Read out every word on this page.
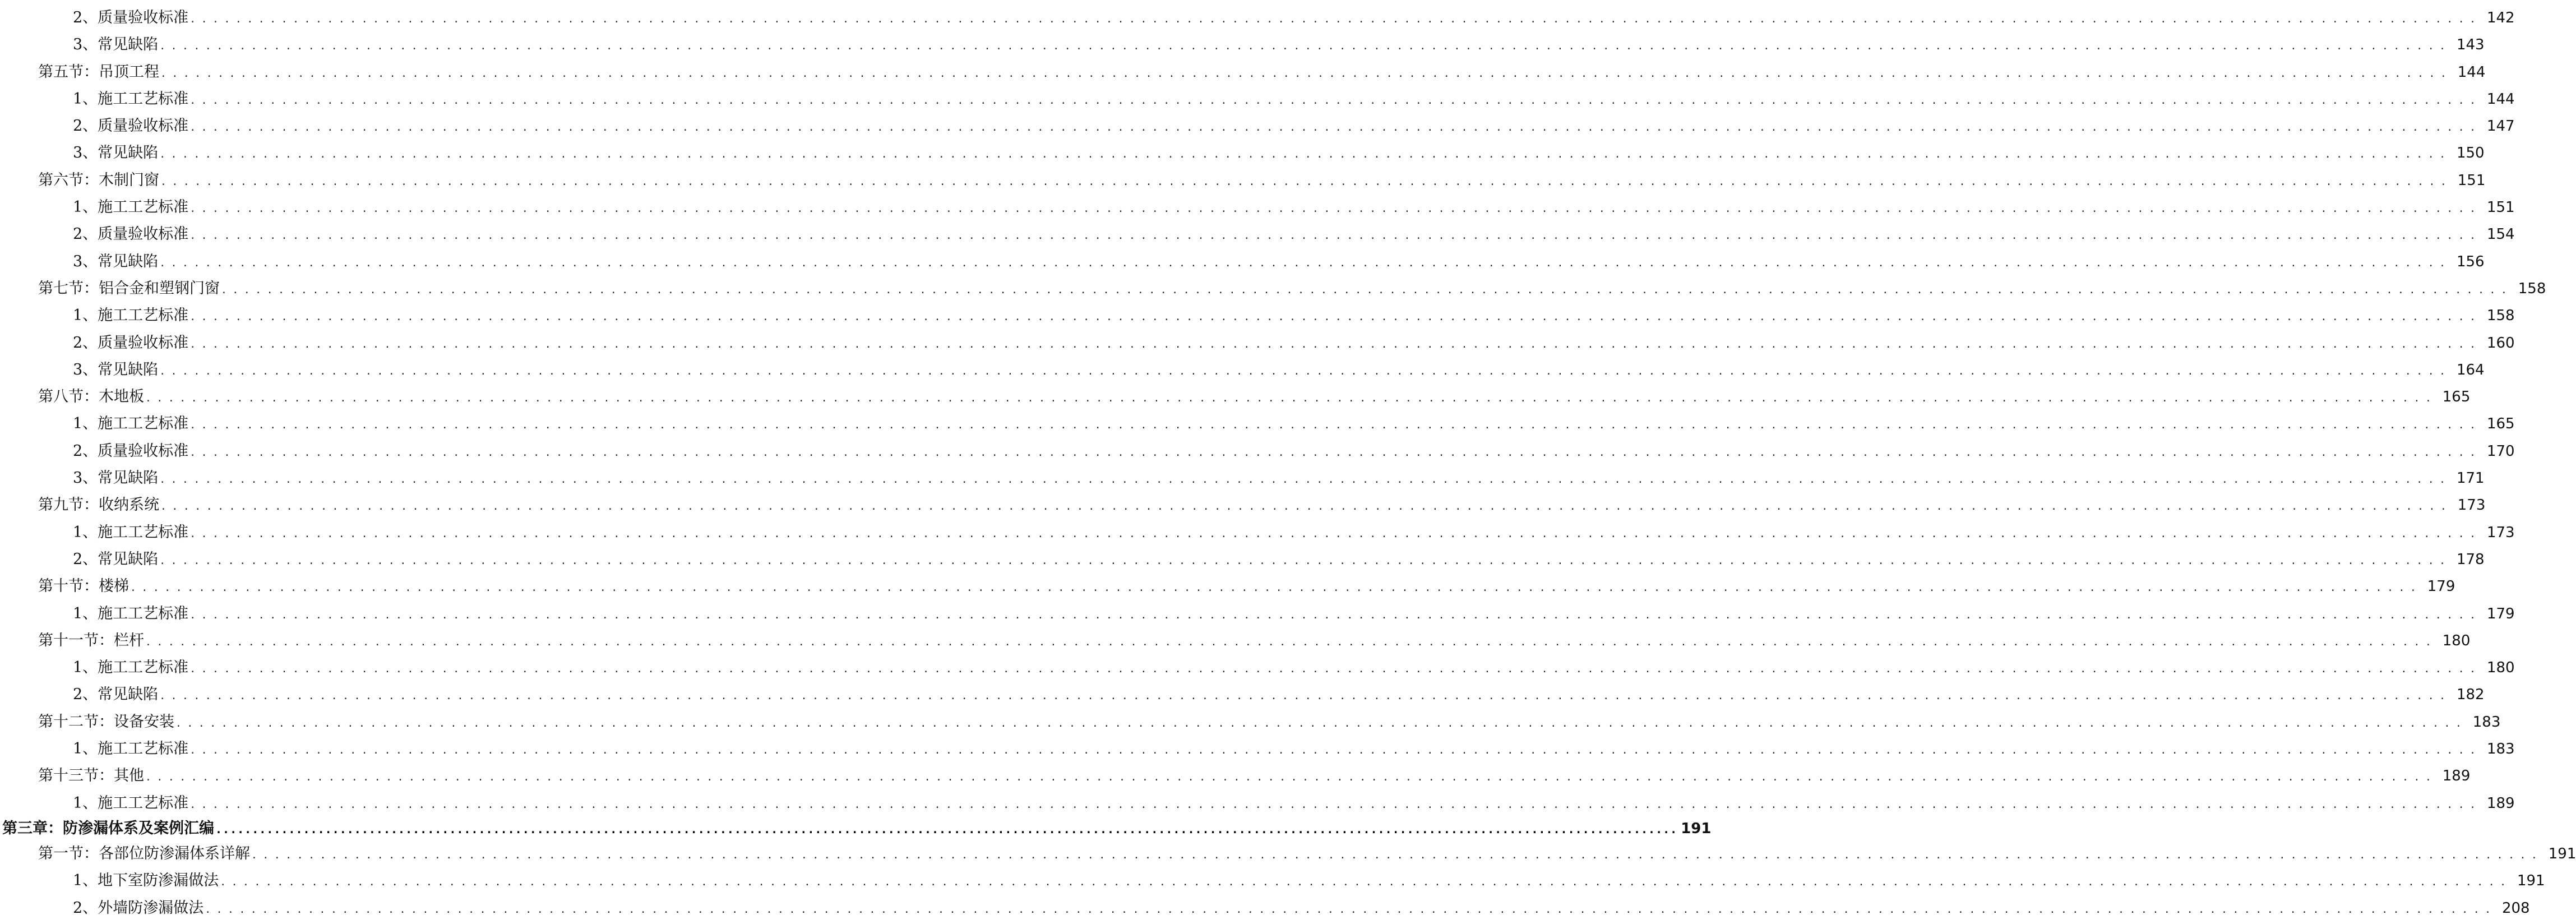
2、质量验收标准 ........................................................................................................................................................................................................ 142
3、常见缺陷 ........................................................................................................................................................................................................ 143
第五节：吊顶工程 ........................................................................................................................................................................................................ 144
1、施工工艺标准 ........................................................................................................................................................................................................ 144
2、质量验收标准 ........................................................................................................................................................................................................ 147
3、常见缺陷 ........................................................................................................................................................................................................ 150
第六节：木制门窗 ........................................................................................................................................................................................................ 151
1、施工工艺标准 ........................................................................................................................................................................................................ 151
2、质量验收标准 ........................................................................................................................................................................................................ 154
3、常见缺陷 ........................................................................................................................................................................................................ 156
第七节：铝合金和塑钢门窗 ........................................................................................................................................................................................................ 158
1、施工工艺标准 ........................................................................................................................................................................................................ 158
2、质量验收标准 ........................................................................................................................................................................................................ 160
3、常见缺陷 ........................................................................................................................................................................................................ 164
第八节：木地板 ........................................................................................................................................................................................................ 165
1、施工工艺标准 ........................................................................................................................................................................................................ 165
2、质量验收标准 ........................................................................................................................................................................................................ 170
3、常见缺陷 ........................................................................................................................................................................................................ 171
第九节：收纳系统 ........................................................................................................................................................................................................ 173
1、施工工艺标准 ........................................................................................................................................................................................................ 173
2、常见缺陷 ........................................................................................................................................................................................................ 178
第十节：楼梯 ........................................................................................................................................................................................................ 179
1、施工工艺标准 ........................................................................................................................................................................................................ 179
第十一节：栏杆 ........................................................................................................................................................................................................ 180
1、施工工艺标准 ........................................................................................................................................................................................................ 180
2、常见缺陷 ........................................................................................................................................................................................................ 182
第十二节：设备安装 ........................................................................................................................................................................................................ 183
1、施工工艺标准 ........................................................................................................................................................................................................ 183
第十三节：其他 ........................................................................................................................................................................................................ 189
1、施工工艺标准 ........................................................................................................................................................................................................ 189
第三章：防渗漏体系及案例汇编 ........................................................................................................................................................................................................ 191
第一节：各部位防渗漏体系详解 ........................................................................................................................................................................................................ 191
1、地下室防渗漏做法 ........................................................................................................................................................................................................ 191
2、外墙防渗漏做法 ........................................................................................................................................................................................................ 208
